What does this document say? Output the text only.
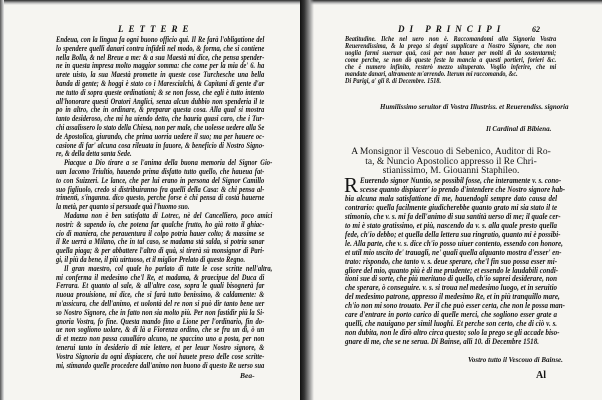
LETTERE
Endeua, con la lingua fa ogni buono officio qui. Il Re farà l'obligatione del
lo spendere quelli danari contra infideli nel modo, & forma, che si contiene
nella Bolla, & nel Breue a me: & a sua Maestà mi dice, che pensa spender-
ne in questa impresa molto maggior somma: che come per la mia de' 6. ha
urete uisto, la sua Maestà promette in queste cose Turchesche una bella
banda di gente; & hoggi è stato co i Marescialchi, & Capitani di gente d'ar
me tutto di sopra queste ordinationi; & se non fosse, che egli è tutto intento
all'honorare questi Oratori Anglici, senza alcun dubbio non spenderia il te
po in altro, che in ordinare, & preparar questa cosa. Alla qual si mostra
tanto desideroso, che mi ha uiendo detto, che hauria quasi caro, che i Tur-
chi assalissero lo stato della Chiesa, non per male, che uolesse uedere alla Se
de Apostolica, giurando, che prima uorria uedere il suo; ma per hauere oc-
casione di far' alcuna cosa rileuata in fauore, & beneficio di Nostro Signo-
re, & della detta santa Sede.
Piacque a Dio tirare a se l'anima della buona memoria del Signor Gio-
uan Iacomo Triultio, hauendo prima disfatto tutto quello, che haueua fat-
to con Suizzeri. Le lance, che per lui erano in persona del Signor Camillo
suo figliuolo, credo si distribuiranno fra quelli della Casa: & chi pensa al-
trimenti, s'inganna. dico questo, perche forse è chi pensa di costà hauerne
la metà, per quanto si persuade quà l'huomo suo.
Madama non è ben satisfatta di Lotrec, nè del Cancelliero, poco amici
nostri: & sapendo io, che potena far qualche frutto, ho già rotto il ghiac-
cio di maniera, che perauentura il colpo potria hauer colto; & massime se
il Re uerrà a Milano, che in tal caso, se madama stà salda, si potria sanar
quella piaga; & per abbattere l'altro di quà, si tirerà sù monsignor di Pari-
gi, il più da bene, il più uirtuoso, et il miglior Prelato di questo Regno.
Il gran maestro, col quale ho parlato di tutte le cose scritte nell'altra,
mi conferma il medesimo che'l Re, et madama, & praecipue del Duca di
Ferrara. Et quanto al sale, & all'altre cose, sopra le quali bisognerà far
nuoua prouisione, mi dice, che si farà tutto benissimo, & caldamente: &
m'assicura, che dell'animo, et uolontà del re non si può dir tanto bene uer
so Nostro Signore, che in fatto non sia molto più. Per non fastidir più la Si-
gnoria Vostra, fo fine. Questa mando fino a Lione per l'ordinario, fin do-
ue non sogliono uolare, & di là a Fiorenza ordino, che se fra un dì, ò un
dì et mezzo non passa caualláro alcuno, ne spaccino uno a posta, per non
tenerui tanto in desiderio di mie lettere, et per leuar Nostro signore, &
Vostra Signoria da ogni dispiacere, che uoi hauete preso delle cose scritte-
mi, stimando quelle procedere dall'animo non buono di questo Re uerso sua
Bea-
DI PRINCIPI	62
Beatitudine. Ilche nel uero non è. Raccomandomi alla Signoria Vostra
Reuerendissima, & la prego si degni supplicare a Nostro Signore, che non
uoglia farmi sueruar quà, così per non hauer per molti dì da sostentarmi;
come perche, se non dò queste feste la mancia a questi portieri, forieri &c.
che è numero infinito, resterò mezzo uituperato. Voglio inferire, che mi
mandate danari, altramente m'arrendo. Iterum mi raccomando, &c.
Di Parigi, a' gli 8. di Decembre. 1518.
Humilissimo seruitor di Vostra Illustriss. et Reuerendiss. signoria
Il Cardinal di Bibiena.
A Monsignor il Vescouo di Sebenico, Auditor di Ro-
ta, & Nuncio Apostolico appresso il Re Chri-
stianissimo, M. Giouanni Staphileo.
R Euerendo signor Nuntio, se possibil fosse, che interamente v. s. cono-
scesse quanto dispiacer' io prendo d'intendere che Nostro signore hab-
bia alcuna mala satisfattione di me, hauendogli sempre dato causa del
contrario: quella facilmente giudicherebbe quanto grato mi sia stato il te
stimonio, che v. s. mi fa dell'animo di sua santità uerso di me; il quale cer-
to mi è stato gratissimo, et più, nascendo da v. s. alla quale presto quella
fede, ch'io debbo; et quella della lettera sua ringratio, quanto mi è possibi-
le. Alla parte, che v. s. dice ch'io posso uiuer contento, essendo con honore,
et util mio uscito de' trauagli, ne' quali quella alquanto mostra d'esser' en-
trato: rispondo, che tanto v. s. deue sperare, che'l fin suo possa esser mi-
gliore del mio, quanto più è di me prudente; et essendo le laudabili condi-
tioni sue di sorte, che più meritano di quello, ch'io saprei desiderare, non
che sperare, ò conseguire. v. s. si troua nel medesimo luogo, et in seruitio
del medesimo patrone, appresso il medesimo Re, et in più tranquillo mare,
ch'io non mi sono trouato. Per il che può esser certa, che non le possa man-
care d'entrare in porto carico di quelle merci, che sogliono esser grate a
quelli, che nauigano per simil luoghi. Et perche son certo, che di ciò v. s.
non dubita, non le dirò altro circa questo; solo la prego se gli accade biso-
gnare di me, che se ne serua. Di Bainse, alli 10. di Decembre 1518.
Vostro tutto il Vescouo di Bainse.
Al
